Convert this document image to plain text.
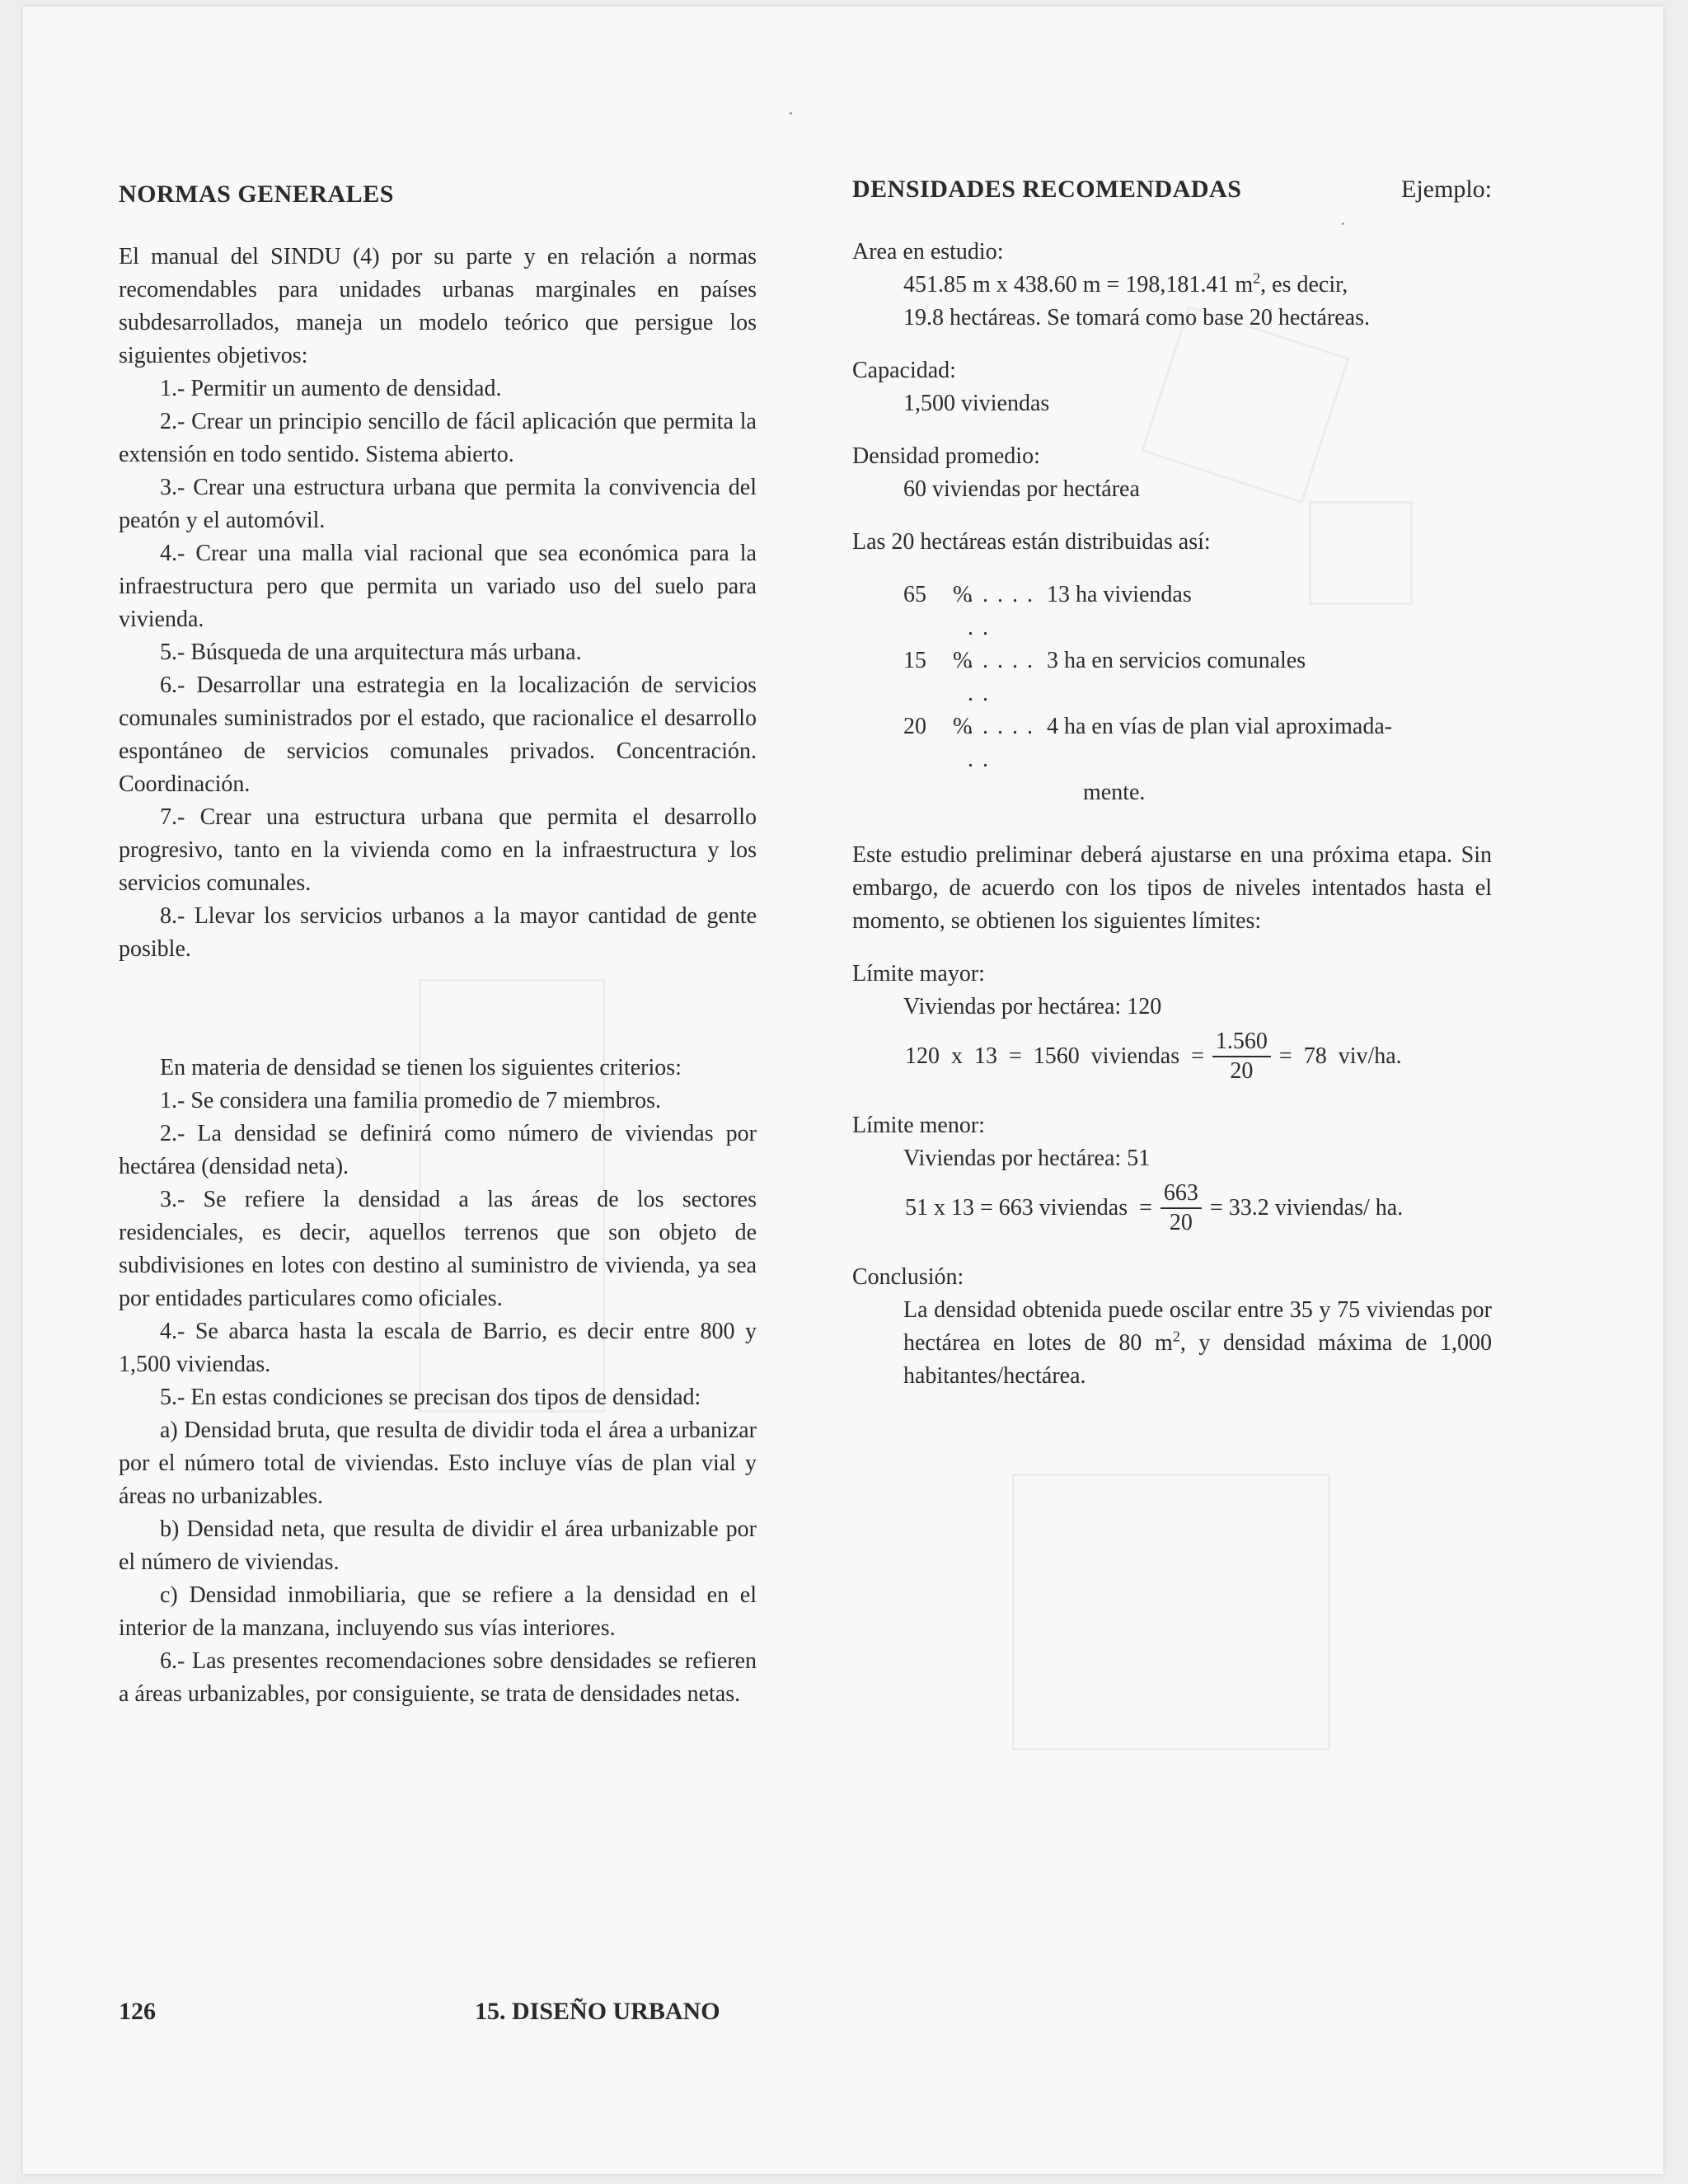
NORMAS GENERALES

El manual del SINDU (4) por su parte y en relación a normas recomendables para unidades urbanas marginales en países subdesarrollados, maneja un modelo teórico que persigue los siguientes objetivos:

1.- Permitir un aumento de densidad.

2.- Crear un principio sencillo de fácil aplicación que permita la extensión en todo sentido. Sistema abierto.

3.- Crear una estructura urbana que permita la convivencia del peatón y el automóvil.

4.- Crear una malla vial racional que sea económica para la infraestructura pero que permita un variado uso del suelo para vivienda.

5.- Búsqueda de una arquitectura más urbana.

6.- Desarrollar una estrategia en la localización de servicios comunales suministrados por el estado, que racionalice el desarrollo espontáneo de servicios comunales privados. Concentración. Coordinación.

7.- Crear una estructura urbana que permita el desarrollo progresivo, tanto en la vivienda como en la infraestructura y los servicios comunales.

8.- Llevar los servicios urbanos a la mayor cantidad de gente posible.

En materia de densidad se tienen los siguientes criterios:

1.- Se considera una familia promedio de 7 miembros.

2.- La densidad se definirá como número de viviendas por hectárea (densidad neta).

3.- Se refiere la densidad a las áreas de los sectores residenciales, es decir, aquellos terrenos que son objeto de subdivisiones en lotes con destino al suministro de vivienda, ya sea por entidades particulares como oficiales.

4.- Se abarca hasta la escala de Barrio, es decir entre 800 y 1,500 viviendas.

5.- En estas condiciones se precisan dos tipos de densidad:

a) Densidad bruta, que resulta de dividir toda el área a urbanizar por el número total de viviendas. Esto incluye vías de plan vial y áreas no urbanizables.

b) Densidad neta, que resulta de dividir el área urbanizable por el número de viviendas.

c) Densidad inmobiliaria, que se refiere a la densidad en el interior de la manzana, incluyendo sus vías interiores.

6.- Las presentes recomendaciones sobre densidades se refieren a áreas urbanizables, por consiguiente, se trata de densidades netas.

DENSIDADES RECOMENDADAS	Ejemplo:

Area en estudio:

451.85 m x 438.60 m = 198,181.41 $m^2$, es decir,

19.8 hectáreas. Se tomará como base 20 hectáreas.

Capacidad:

1,500 viviendas

Densidad promedio:

60 viviendas por hectárea

Las 20 hectáreas están distribuidas así:

65	%
. . . . . . .
13 ha viviendas
15	%
. . . . . . .
3 ha en servicios comunales
20	%
. . . . . . .
4 ha en vías de plan vial aproximada-
mente.

Este estudio preliminar deberá ajustarse en una próxima etapa. Sin embargo, de acuerdo con los tipos de niveles intentados hasta el momento, se obtienen los siguientes límites:

Límite mayor:

Viviendas por hectárea: 120

120  x  13  =  1560  viviendas  = $\frac{1.560}{20} = 78$  viv/ha.

Límite menor:

Viviendas por hectárea: 51

51 x 13 = 663 viviendas  = $\frac{663}{20} = 33.2$ viviendas/ ha.

Conclusión:

La densidad obtenida puede oscilar entre 35 y 75 viviendas por hectárea en lotes de 80 $m^2$, y densidad máxima de 1,000 habitantes/hectárea.

126	15. DISEÑO URBANO
